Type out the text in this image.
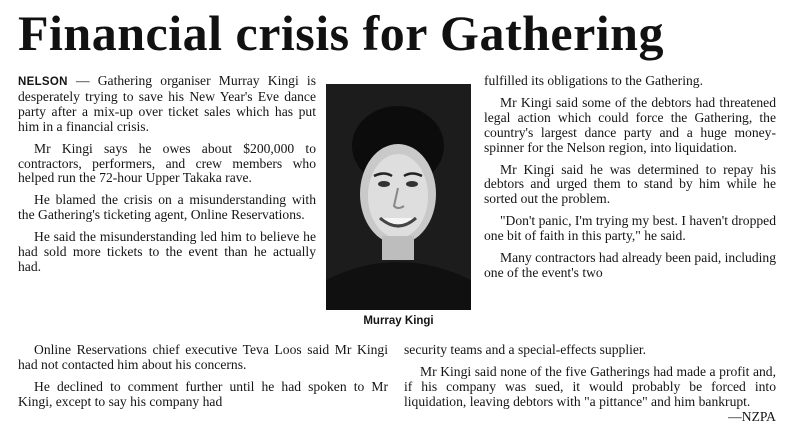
Financial crisis for Gathering

NELSON — Gathering organiser Murray Kingi is desperately trying to save his New Year's Eve dance party after a mix-up over ticket sales which has put him in a financial crisis.

Mr Kingi says he owes about $200,000 to contractors, performers, and crew members who helped run the 72-hour Upper Takaka rave.

He blamed the crisis on a misunderstanding with the Gathering's ticketing agent, Online Reservations.

He said the misunderstanding led him to believe he had sold more tickets to the event than he actually had.

Murray Kingi

fulfilled its obligations to the Gathering.

Mr Kingi said some of the debtors had threatened legal action which could force the Gathering, the country's largest dance party and a huge money-spinner for the Nelson region, into liquidation.

Mr Kingi said he was determined to repay his debtors and urged them to stand by him while he sorted out the problem.

"Don't panic, I'm trying my best. I haven't dropped one bit of faith in this party," he said.

Many contractors had already been paid, including one of the event's two

Online Reservations chief executive Teva Loos said Mr Kingi had not contacted him about his concerns.

He declined to comment further until he had spoken to Mr Kingi, except to say his company had

security teams and a special-effects supplier.

Mr Kingi said none of the five Gatherings had made a profit and, if his company was sued, it would probably be forced into liquidation, leaving debtors with "a pittance" and him bankrupt.

—NZPA
